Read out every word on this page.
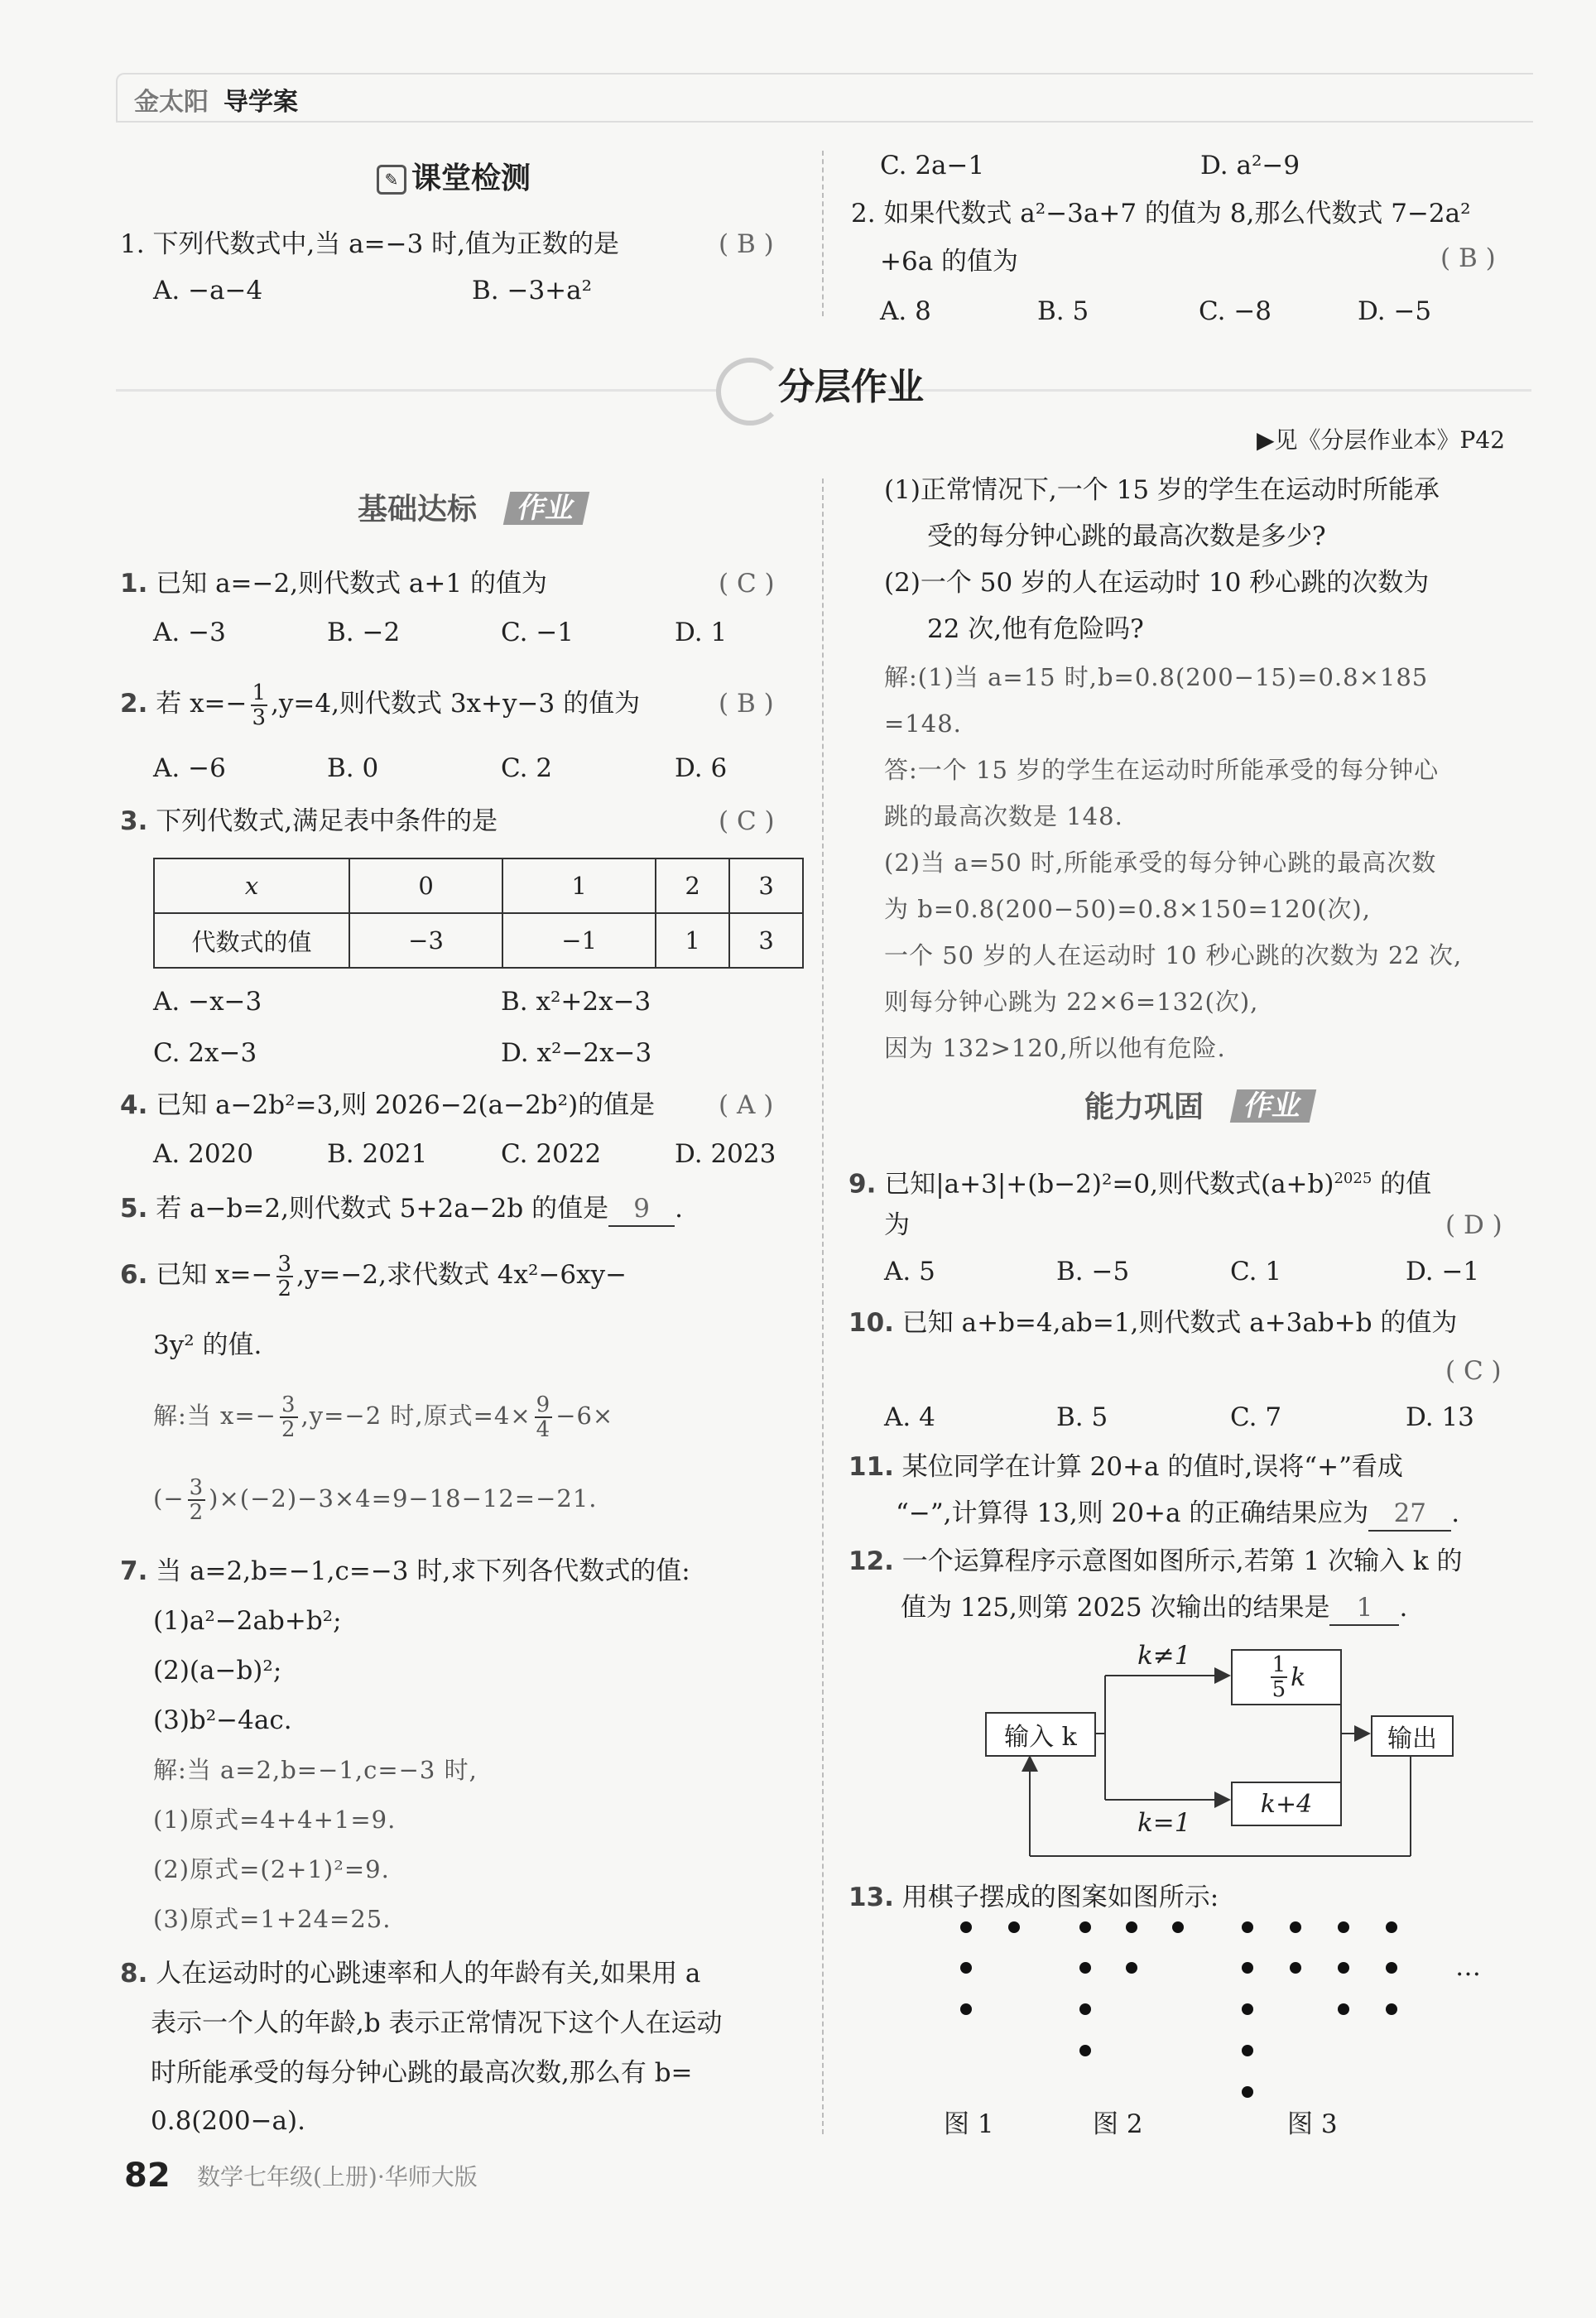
金太阳 导学案
✎ 课堂检测
1. 下列代数式中,当 a=−3 时,值为正数的是	( B )
A. −a−4	B. −3+a²
C. 2a−1	D. a²−9
2. 如果代数式 a²−3a+7 的值为 8,那么代数式 7−2a²
+6a 的值为	( B )
A. 8	B. 5	C. −8	D. −5
分层作业
▶见《分层作业本》P42
基础达标	作业
1. 已知 a=−2,则代数式 a+1 的值为	( C )
A. −3	B. −2	C. −1	D. 1
2. 若 $x=- \frac{1}{3} ,y=4$,则代数式 3x+y−3 的值为	( B )
A. −6	B. 0	C. 2	D. 6
3. 下列代数式,满足表中条件的是	( C )
x	0	1	2	3
代数式的值	−3	−1	1	3
A. −x−3	B. x²+2x−3
C. 2x−3	D. x²−2x−3
4. 已知 a−2b²=3,则 2026−2(a−2b²)的值是 ( A )
A. 2020	B. 2021	C. 2022	D. 2023
5. 若 a−b=2,则代数式 5+2a−2b 的值是 9 .
6. 已知 $x=- \frac{3}{2} ,y=-2$,求代数式 4x²−6xy−
3y² 的值.
解:当 $x=- \frac{3}{2} ,y=-2$ 时,原式$=4\times \frac{9}{4} -6\times$
(− $\frac{3}{2} )\times(-2)-3\times 4=9-18-12=-21$.
7. 当 a=2,b=−1,c=−3 时,求下列各代数式的值:
(1)a²−2ab+b²;
(2)(a−b)²;
(3)b²−4ac.
解:当 a=2,b=−1,c=−3 时,
(1)原式=4+4+1=9.
(2)原式=(2+1)²=9.
(3)原式=1+24=25.
8. 人在运动时的心跳速率和人的年龄有关,如果用 a
表示一个人的年龄,b 表示正常情况下这个人在运动
时所能承受的每分钟心跳的最高次数,那么有 b=
0.8(200−a).
(1)正常情况下,一个 15 岁的学生在运动时所能承
受的每分钟心跳的最高次数是多少?
(2)一个 50 岁的人在运动时 10 秒心跳的次数为
22 次,他有危险吗?
解:(1)当 a=15 时,b=0.8(200−15)=0.8×185
=148.
答:一个 15 岁的学生在运动时所能承受的每分钟心
跳的最高次数是 148.
(2)当 a=50 时,所能承受的每分钟心跳的最高次数
为 b=0.8(200−50)=0.8×150=120(次),
一个 50 岁的人在运动时 10 秒心跳的次数为 22 次,
则每分钟心跳为 22×6=132(次),
因为 132>120,所以他有危险.
能力巩固	作业
9. 已知|a+3|+(b−2)²=0,则代数式$(a+b)^{2025}$ 的值
为	( D )
A. 5	B. −5	C. 1	D. −1
10. 已知 a+b=4,ab=1,则代数式 a+3ab+b 的值为
( C )
A. 4	B. 5	C. 7	D. 13
11. 某位同学在计算 20+a 的值时,误将“+”看成
“−”,计算得 13,则 20+a 的正确结果应为 27 .
12. 一个运算程序示意图如图所示,若第 1 次输入 k 的
值为 125,则第 2025 次输出的结果是 1 .
输入 k
$\frac{1}{5}$ k
k+4
输出
k≠1
k=1
13. 用棋子摆成的图案如图所示:
…
图 1	图 2	图 3
82 数学七年级(上册)·华师大版
